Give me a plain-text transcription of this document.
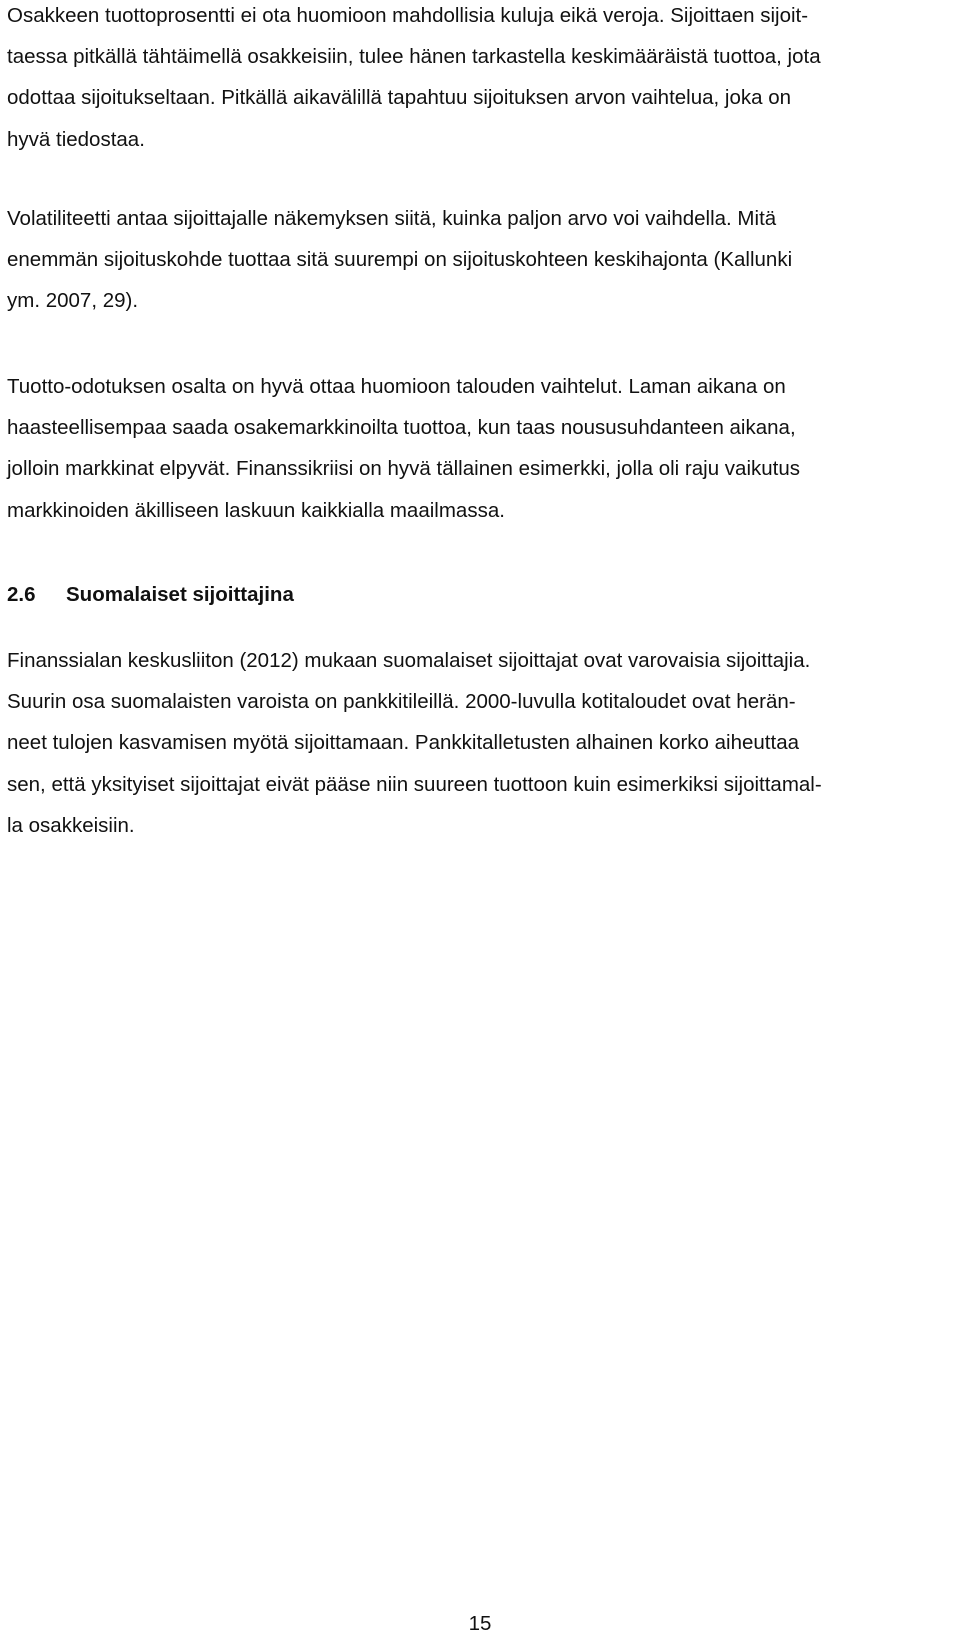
Osakkeen tuottoprosentti ei ota huomioon mahdollisia kuluja eikä veroja. Sijoittaen sijoit-
taessa pitkällä tähtäimellä osakkeisiin, tulee hänen tarkastella keskimääräistä tuottoa, jota
odottaa sijoitukseltaan. Pitkällä aikavälillä tapahtuu sijoituksen arvon vaihtelua, joka on
hyvä tiedostaa.

Volatiliteetti antaa sijoittajalle näkemyksen siitä, kuinka paljon arvo voi vaihdella. Mitä
enemmän sijoituskohde tuottaa sitä suurempi on sijoituskohteen keskihajonta (Kallunki
ym. 2007, 29).

Tuotto-odotuksen osalta on hyvä ottaa huomioon talouden vaihtelut. Laman aikana on
haasteellisempaa saada osakemarkkinoilta tuottoa, kun taas noususuhdanteen aikana,
jolloin markkinat elpyvät. Finanssikriisi on hyvä tällainen esimerkki, jolla oli raju vaikutus
markkinoiden äkilliseen laskuun kaikkialla maailmassa.

2.6 Suomalaiset sijoittajina

Finanssialan keskusliiton (2012) mukaan suomalaiset sijoittajat ovat varovaisia sijoittajia.
Suurin osa suomalaisten varoista on pankkitileillä. 2000-luvulla kotitaloudet ovat herän-
neet tulojen kasvamisen myötä sijoittamaan. Pankkitalletusten alhainen korko aiheuttaa
sen, että yksityiset sijoittajat eivät pääse niin suureen tuottoon kuin esimerkiksi sijoittamal-
la osakkeisiin.

15
